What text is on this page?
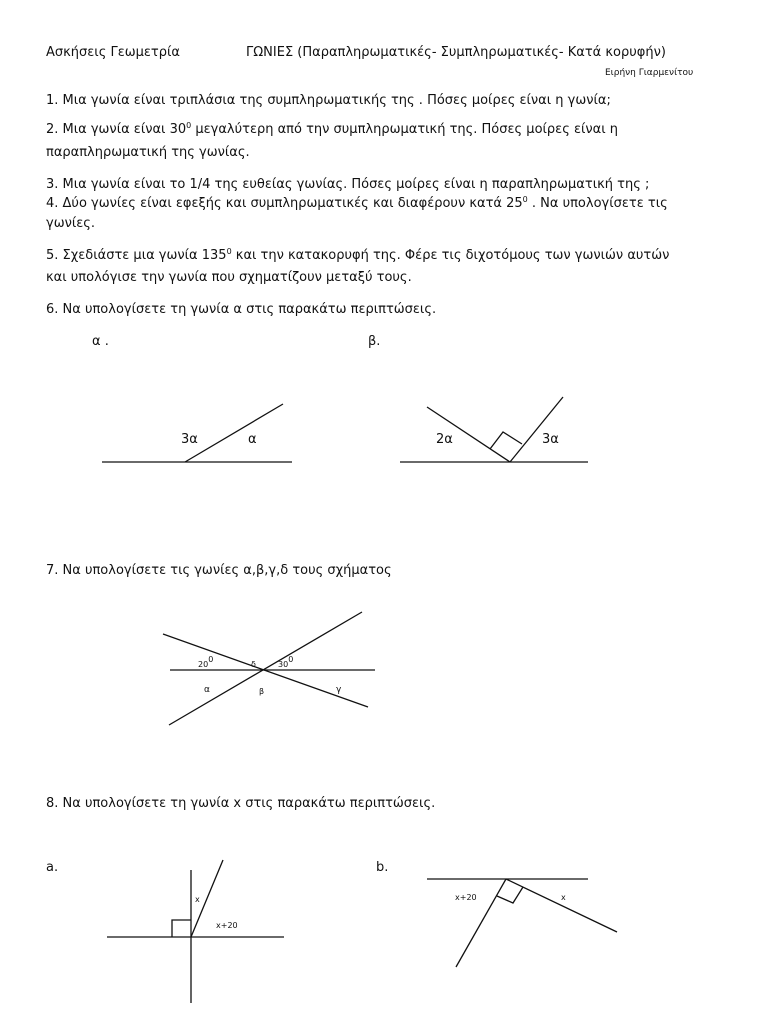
Ασκήσεις Γεωμετρία	ΓΩΝΙΕΣ (Παραπληρωματικές- Συμπληρωματικές- Κατά κορυφήν)
Ειρήνη Γιαρμενίτου
1. Μια γωνία είναι τριπλάσια της συμπληρωματικής της . Πόσες μοίρες είναι η γωνία;
2. Μια γωνία είναι $30^0$ μεγαλύτερη από την συμπληρωματική της. Πόσες μοίρες είναι η
παραπληρωματική της γωνίας.
3. Μια γωνία είναι το 1/4 της ευθείας γωνίας. Πόσες μοίρες είναι η παραπληρωματική της ;
4. Δύο γωνίες είναι εφεξής και συμπληρωματικές και διαφέρουν κατά $25^0$ . Να υπολογίσετε τις
γωνίες.
5. Σχεδιάστε μια γωνία $135^0$ και την κατακορυφή της. Φέρε τις διχοτόμους των γωνιών αυτών
και υπολόγισε την γωνία που σχηματίζουν μεταξύ τους.
6. Να υπολογίσετε τη γωνία α στις παρακάτω περιπτώσεις.
α .	β.
3α	α	2α	3α
7. Να υπολογίσετε τις γωνίες α,β,γ,δ τους σχήματος
$20^0$
δ	$30^0$
α	β	γ
8. Να υπολογίσετε τη γωνία x στις παρακάτω περιπτώσεις.
a.	b.
x
x+20
x+20	x
